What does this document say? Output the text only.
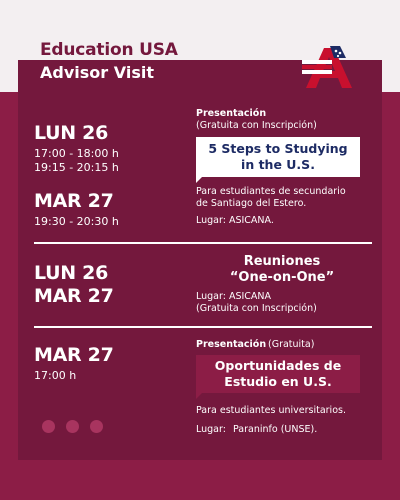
Education USA
Advisor Visit
LUN 26
17:00 - 18:00 h
19:15 - 20:15 h
MAR 27
19:30 - 20:30 h
Presentación
(Gratuita con Inscripción)
5 Steps to Studying
in the U.S.
Para estudiantes de secundario
de Santiago del Estero.
Lugar: ASICANA.
LUN 26
MAR 27
Reuniones
“One-on-One”
Lugar: ASICANA
(Gratuita con Inscripción)
MAR 27
17:00 h
Presentación (Gratuita)
Oportunidades de
Estudio en U.S.
Para estudiantes universitarios.
Lugar: Paraninfo (UNSE).
